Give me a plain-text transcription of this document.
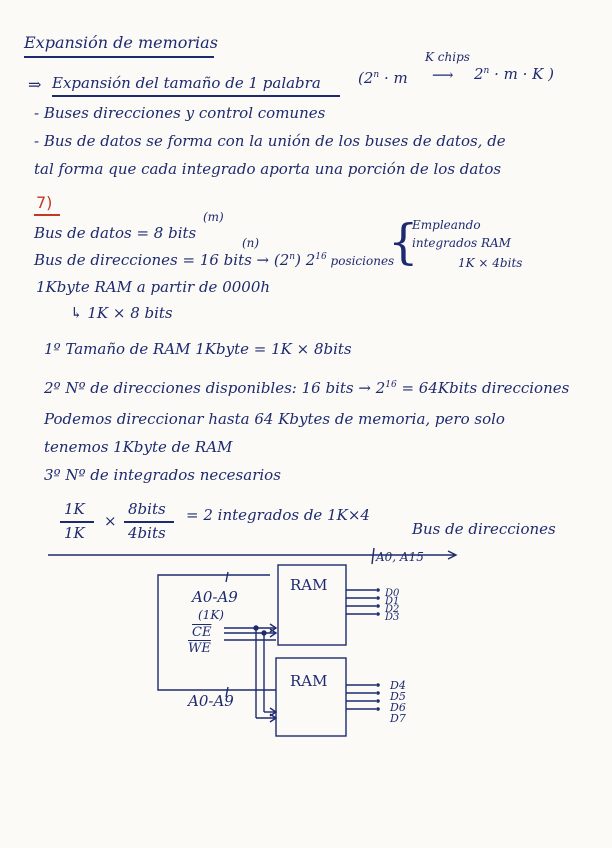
Expansión de memorias
⇒ Expansión del tamaño de 1 palabra ($2^n \cdot m$
K chips
⟶ $2^n \cdot m \cdot K$ )
- Buses direcciones y control comunes
- Bus de datos se forma con la unión de los buses de datos, de
tal forma que cada integrado aporta una porción de los datos
7)
(m)
Bus de datos = 8 bits
(n)
Bus de direcciones = 16 bits → $(2^n)$ $2^{16}$ posiciones
{
Empleando
integrados RAM
1K × 4bits
1Kbyte RAM a partir de 0000h
↳ 1K × 8 bits
1º Tamaño de RAM 1Kbyte = 1K × 8bits
2º Nº de direcciones disponibles: 16 bits → $2^{16}$ = 64Kbits direcciones
Podemos direccionar hasta 64 Kbytes de memoria, pero solo
tenemos 1Kbyte de RAM
3º Nº de integrados necesarios
1K
1K
×
8bits
4bits
= 2 integrados de 1K×4
Bus de direcciones
A0, A15
A0-A9
(1K)
$\overline{CE}$
$\overline{WE}$
A0-A9
RAM
RAM
D0
D1
D2
D3
D4
D5
D6
D7
